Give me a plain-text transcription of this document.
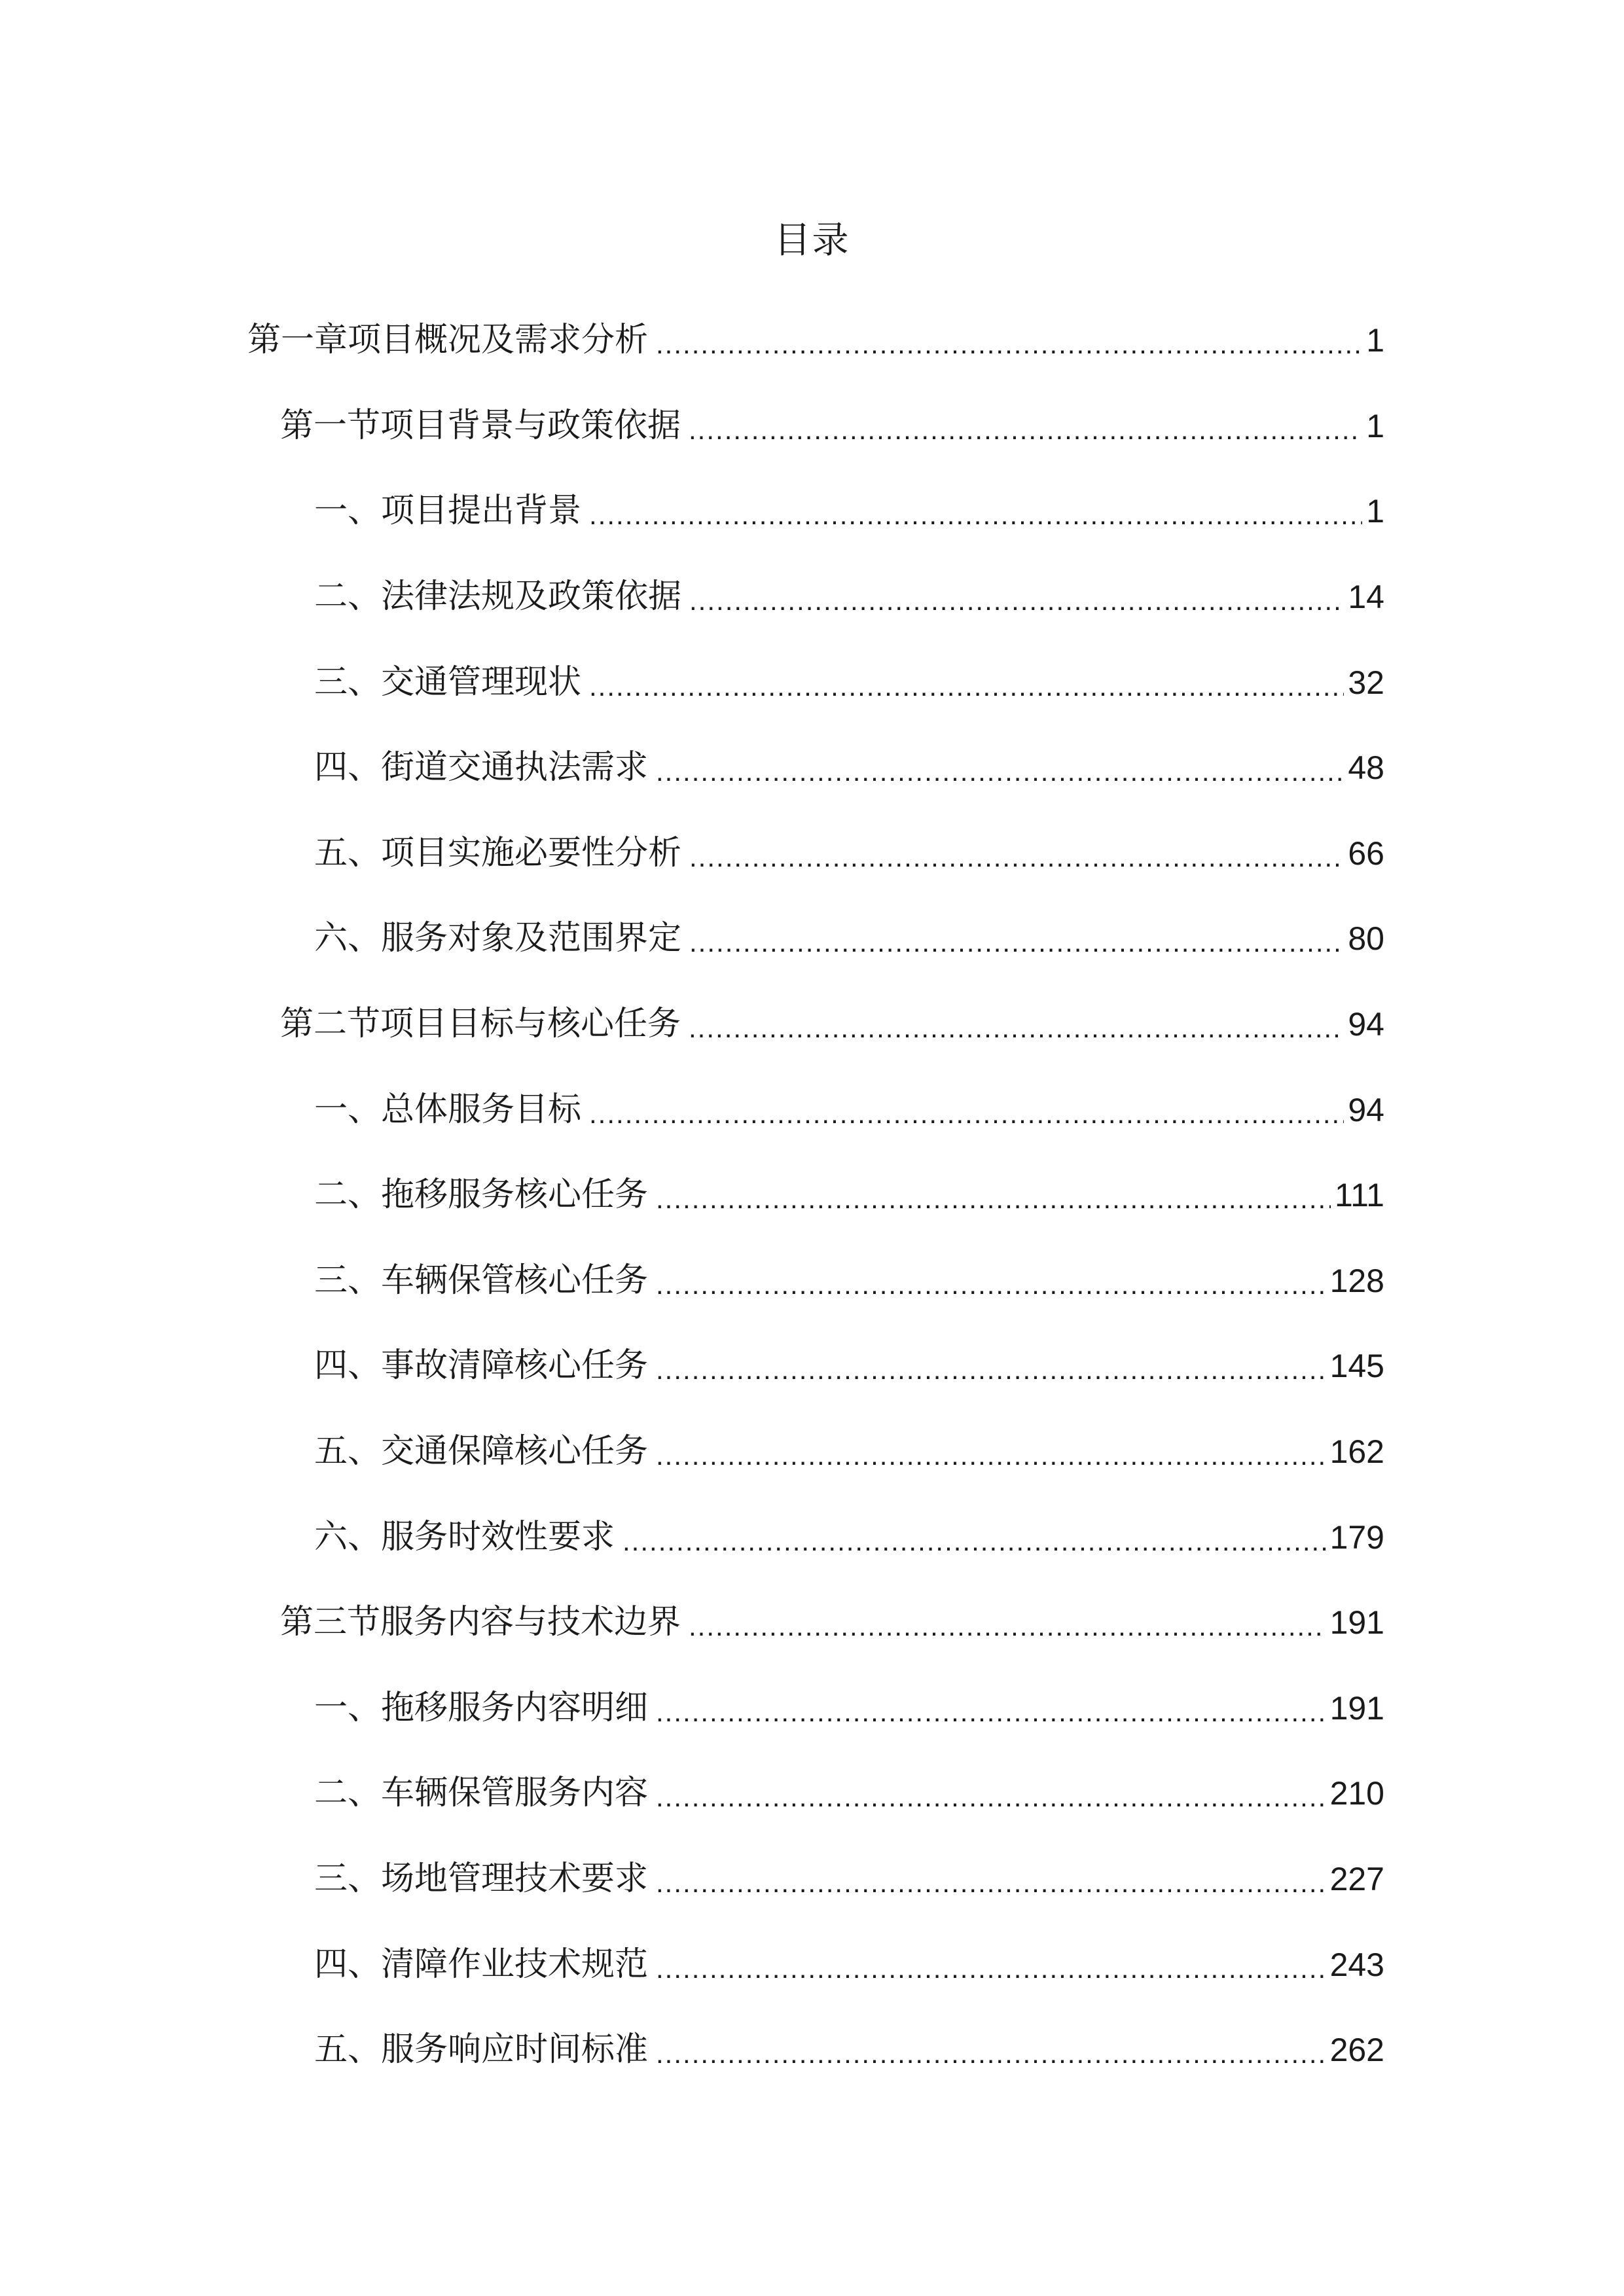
目录
第一章项目概况及需求分析 .....	1
第一节项目背景与政策依据 .....	1
一、项目提出背景 .....	1
二、法律法规及政策依据 .....	14
三、交通管理现状 .....	32
四、街道交通执法需求 .....	48
五、项目实施必要性分析 .....	66
六、服务对象及范围界定 .....	80
第二节项目目标与核心任务 .....	94
一、总体服务目标 .....	94
二、拖移服务核心任务 .....	111
三、车辆保管核心任务 .....	128
四、事故清障核心任务 .....	145
五、交通保障核心任务 .....	162
六、服务时效性要求 .....	179
第三节服务内容与技术边界 .....	191
一、拖移服务内容明细 .....	191
二、车辆保管服务内容 .....	210
三、场地管理技术要求 .....	227
四、清障作业技术规范 .....	243
五、服务响应时间标准 .....	262
